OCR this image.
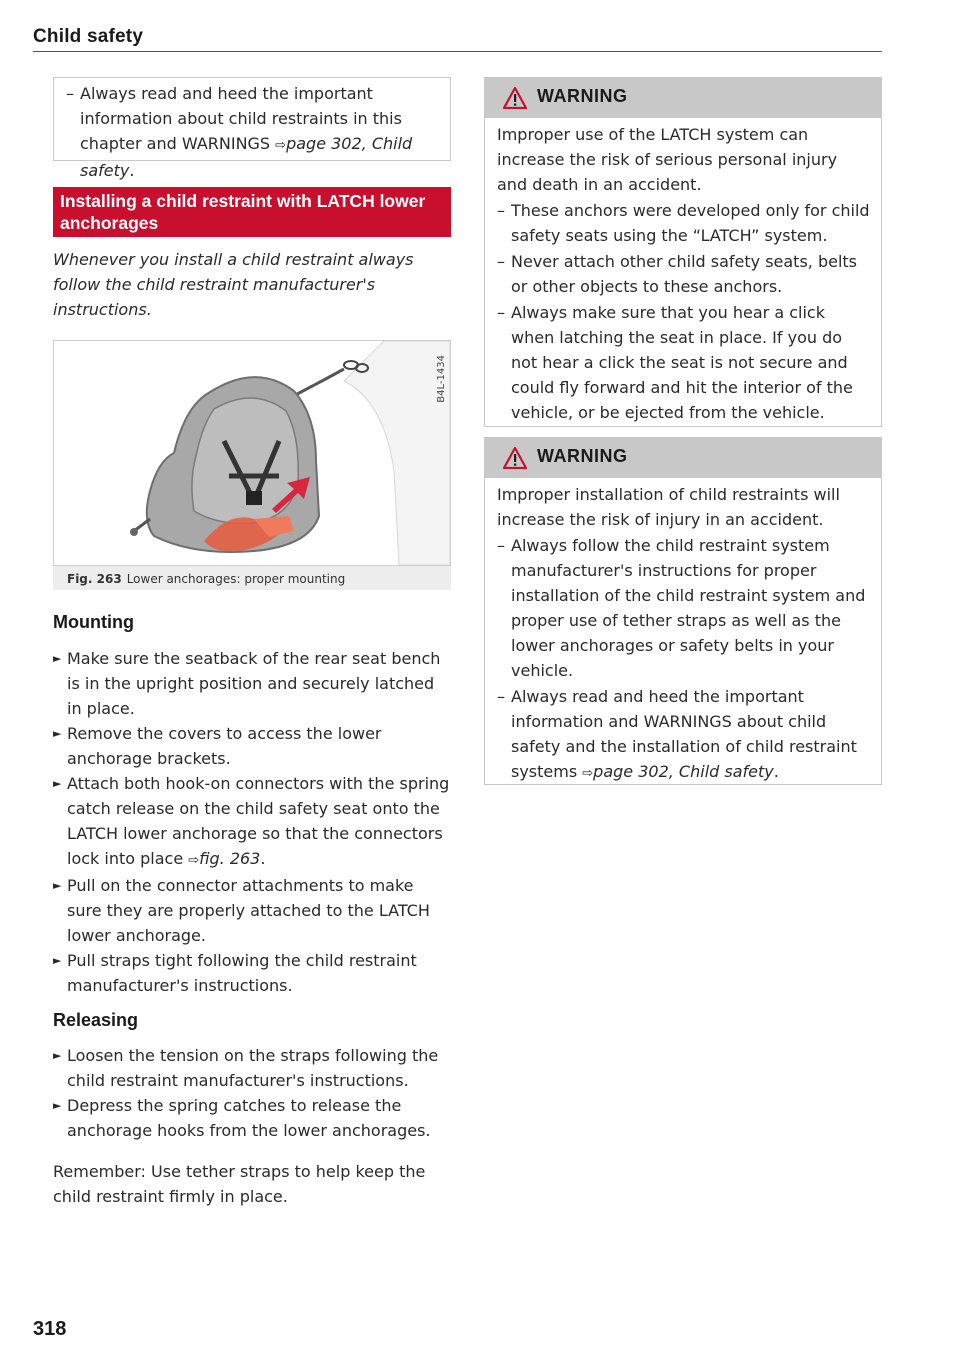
Child safety
– Always read and heed the important information about child restraints in this chapter and WARNINGS ⇨page 302, Child safety.
Installing a child restraint with LATCH lower anchorages
Whenever you install a child restraint always follow the child restraint manufacturer's instructions.
B4L-1434
Fig. 263 Lower anchorages: proper mounting
Mounting
► Make sure the seatback of the rear seat bench is in the upright position and securely latched in place.
► Remove the covers to access the lower anchorage brackets.
► Attach both hook-on connectors with the spring catch release on the child safety seat onto the LATCH lower anchorage so that the connectors lock into place ⇨fig. 263.
► Pull on the connector attachments to make sure they are properly attached to the LATCH lower anchorage.
► Pull straps tight following the child restraint manufacturer's instructions.
Releasing
► Loosen the tension on the straps following the child restraint manufacturer's instructions.
► Depress the spring catches to release the anchorage hooks from the lower anchorages.
Remember: Use tether straps to help keep the child restraint firmly in place.
318
WARNING
Improper use of the LATCH system can increase the risk of serious personal injury and death in an accident.
– These anchors were developed only for child safety seats using the “LATCH” system.
– Never attach other child safety seats, belts or other objects to these anchors.
– Always make sure that you hear a click when latching the seat in place. If you do not hear a click the seat is not secure and could fly forward and hit the interior of the vehicle, or be ejected from the vehicle.
WARNING
Improper installation of child restraints will increase the risk of injury in an accident.
– Always follow the child restraint system manufacturer's instructions for proper installation of the child restraint system and proper use of tether straps as well as the lower anchorages or safety belts in your vehicle.
– Always read and heed the important information and WARNINGS about child safety and the installation of child restraint systems ⇨page 302, Child safety.
